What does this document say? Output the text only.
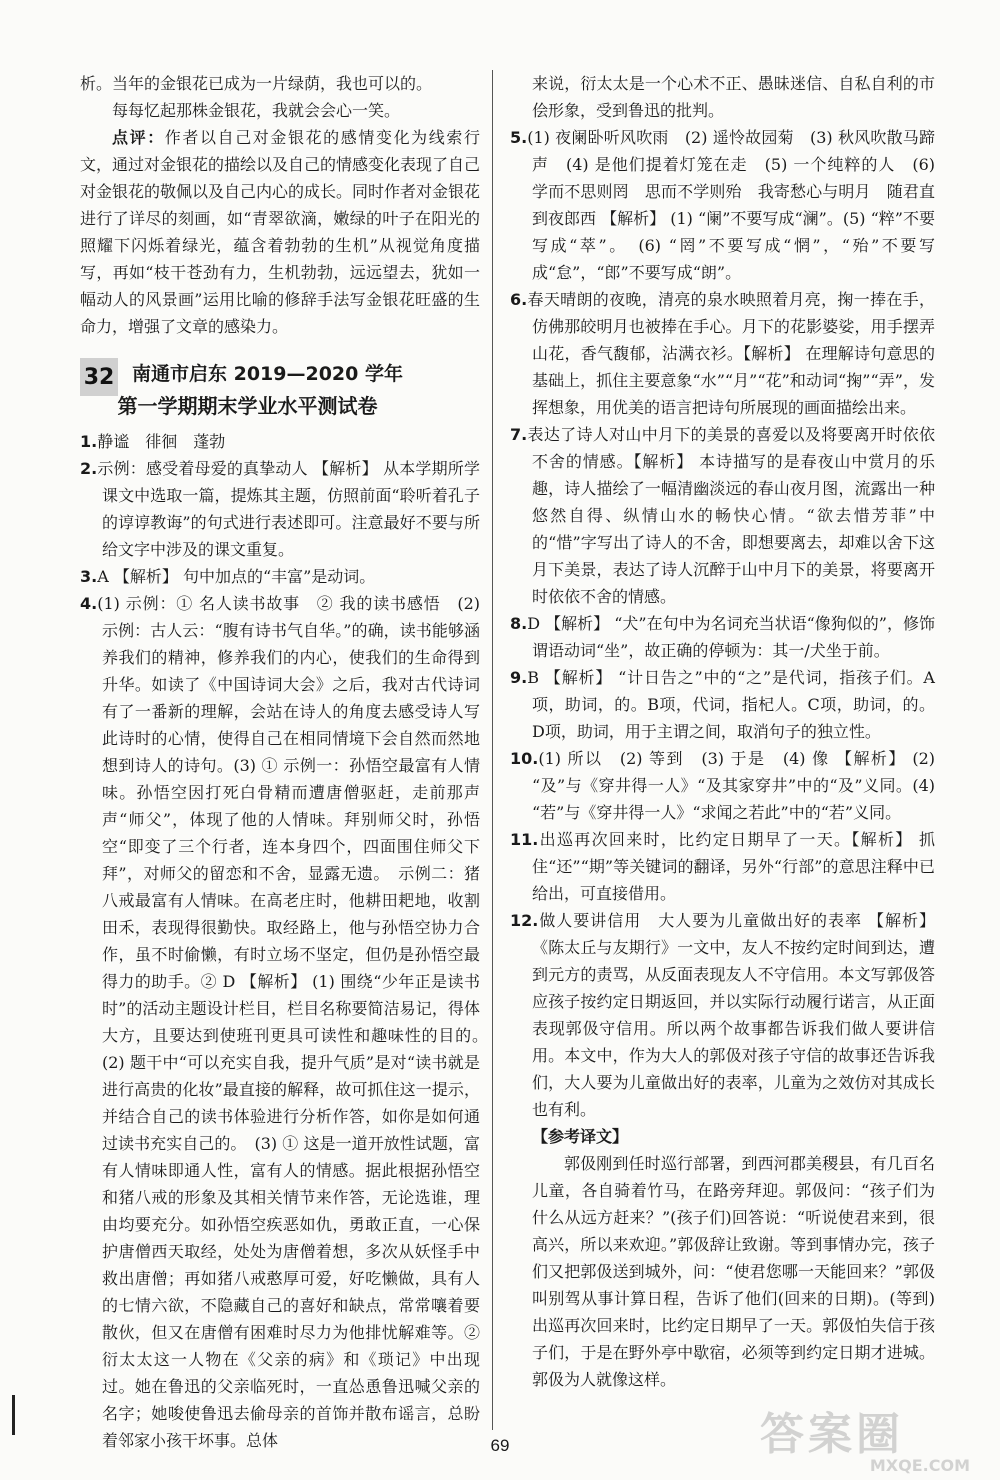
析。当年的金银花已成为一片绿荫，我也可以的。

每每忆起那株金银花，我就会会心一笑。

点评：作者以自己对金银花的感情变化为线索行文，通过对金银花的描绘以及自己的情感变化表现了自己对金银花的敬佩以及自己内心的成长。同时作者对金银花进行了详尽的刻画，如“青翠欲滴，嫩绿的叶子在阳光的照耀下闪烁着绿光，蕴含着勃勃的生机”从视觉角度描写，再如“枝干苍劲有力，生机勃勃，远远望去，犹如一幅动人的风景画”运用比喻的修辞手法写金银花旺盛的生命力，增强了文章的感染力。

32 南通市启东 2019—2020 学年
第一学期期末学业水平测试卷

1.静谧　徘徊　蓬勃

2.示例：感受着母爱的真挚动人 【解析】 从本学期所学课文中选取一篇，提炼其主题，仿照前面“聆听着孔子的谆谆教诲”的句式进行表述即可。注意最好不要与所给文字中涉及的课文重复。

3.A 【解析】 句中加点的“丰富”是动词。

4.(1) 示例：① 名人读书故事　② 我的读书感悟　(2) 示例：古人云：“腹有诗书气自华。”的确，读书能够涵养我们的精神，修养我们的内心，使我们的生命得到升华。如读了《中国诗词大会》之后，我对古代诗词有了一番新的理解，会站在诗人的角度去感受诗人写此诗时的心情，使得自己在相同情境下会自然而然地想到诗人的诗句。(3) ① 示例一：孙悟空最富有人情味。孙悟空因打死白骨精而遭唐僧驱赶，走前那声声“师父”，体现了他的人情味。拜别师父时，孙悟空“即变了三个行者，连本身四个，四面围住师父下拜”，对师父的留恋和不舍，显露无遗。　示例二：猪八戒最富有人情味。在高老庄时，他耕田耙地，收割田禾，表现得很勤快。取经路上，他与孙悟空协力合作，虽不时偷懒，有时立场不坚定，但仍是孙悟空最得力的助手。② D 【解析】 (1) 围绕“少年正是读书时”的活动主题设计栏目，栏目名称要简洁易记，得体大方，且要达到使班刊更具可读性和趣味性的目的。　(2) 题干中“可以充实自我，提升气质”是对“读书就是进行高贵的化妆”最直接的解释，故可抓住这一提示，并结合自己的读书体验进行分析作答，如你是如何通过读书充实自己的。　(3) ① 这是一道开放性试题，富有人情味即通人性，富有人的情感。据此根据孙悟空和猪八戒的形象及其相关情节来作答，无论选谁，理由均要充分。如孙悟空疾恶如仇，勇敢正直，一心保护唐僧西天取经，处处为唐僧着想，多次从妖怪手中救出唐僧；再如猪八戒憨厚可爱，好吃懒做，具有人的七情六欲，不隐藏自己的喜好和缺点，常常嚷着要散伙，但又在唐僧有困难时尽力为他排忧解难等。② 衍太太这一人物在《父亲的病》和《琐记》中出现过。她在鲁迅的父亲临死时，一直怂恿鲁迅喊父亲的名字；她唆使鲁迅去偷母亲的首饰并散布谣言，总盼着邻家小孩干坏事。总体

来说，衍太太是一个心术不正、愚昧迷信、自私自利的市侩形象，受到鲁迅的批判。

5.(1) 夜阑卧听风吹雨　(2) 遥怜故园菊　(3) 秋风吹散马蹄声　(4) 是他们提着灯笼在走　(5) 一个纯粹的人　(6) 学而不思则罔　思而不学则殆　我寄愁心与明月　随君直到夜郎西 【解析】 (1) “阑”不要写成“澜”。(5) “粹”不要写成“萃”。　(6) “罔”不要写成“惘”，“殆”不要写成“怠”，“郎”不要写成“朗”。

6.春天晴朗的夜晚，清亮的泉水映照着月亮，掬一捧在手，仿佛那皎明月也被捧在手心。月下的花影婆娑，用手摆弄山花，香气馥郁，沾满衣衫。【解析】 在理解诗句意思的基础上，抓住主要意象“水”“月”“花”和动词“掬”“弄”，发挥想象，用优美的语言把诗句所展现的画面描绘出来。

7.表达了诗人对山中月下的美景的喜爱以及将要离开时依依不舍的情感。【解析】 本诗描写的是春夜山中赏月的乐趣，诗人描绘了一幅清幽淡远的春山夜月图，流露出一种悠然自得、纵情山水的畅快心情。“欲去惜芳菲”中的“惜”字写出了诗人的不舍，即想要离去，却难以舍下这月下美景，表达了诗人沉醉于山中月下的美景，将要离开时依依不舍的情感。

8.D 【解析】 “犬”在句中为名词充当状语“像狗似的”，修饰谓语动词“坐”，故正确的停顿为：其一/犬坐于前。

9.B 【解析】 “计日告之”中的“之”是代词，指孩子们。A项，助词，的。B项，代词，指杞人。C项，助词，的。D项，助词，用于主谓之间，取消句子的独立性。

10.(1) 所以　(2) 等到　(3) 于是　(4) 像 【解析】 (2) “及”与《穿井得一人》“及其家穿井”中的“及”义同。(4) “若”与《穿井得一人》“求闻之若此”中的“若”义同。

11.出巡再次回来时，比约定日期早了一天。【解析】 抓住“还”“期”等关键词的翻译，另外“行部”的意思注释中已给出，可直接借用。

12.做人要讲信用　大人要为儿童做出好的表率 【解析】 《陈太丘与友期行》一文中，友人不按约定时间到达，遭到元方的责骂，从反面表现友人不守信用。本文写郭伋答应孩子按约定日期返回，并以实际行动履行诺言，从正面表现郭伋守信用。所以两个故事都告诉我们做人要讲信用。本文中，作为大人的郭伋对孩子守信的故事还告诉我们，大人要为儿童做出好的表率，儿童为之效仿对其成长也有利。

【参考译文】

郭伋刚到任时巡行部署，到西河郡美稷县，有几百名儿童，各自骑着竹马，在路旁拜迎。郭伋问：“孩子们为什么从远方赶来？”(孩子们)回答说：“听说使君来到，很高兴，所以来欢迎。”郭伋辞让致谢。等到事情办完，孩子们又把郭伋送到城外，问：“使君您哪一天能回来？”郭伋叫别驾从事计算日程，告诉了他们(回来的日期)。(等到)出巡再次回来时，比约定日期早了一天。郭伋怕失信于孩子们，于是在野外亭中歇宿，必须等到约定日期才进城。郭伋为人就像这样。

69	答案圈
MXQE.COM
